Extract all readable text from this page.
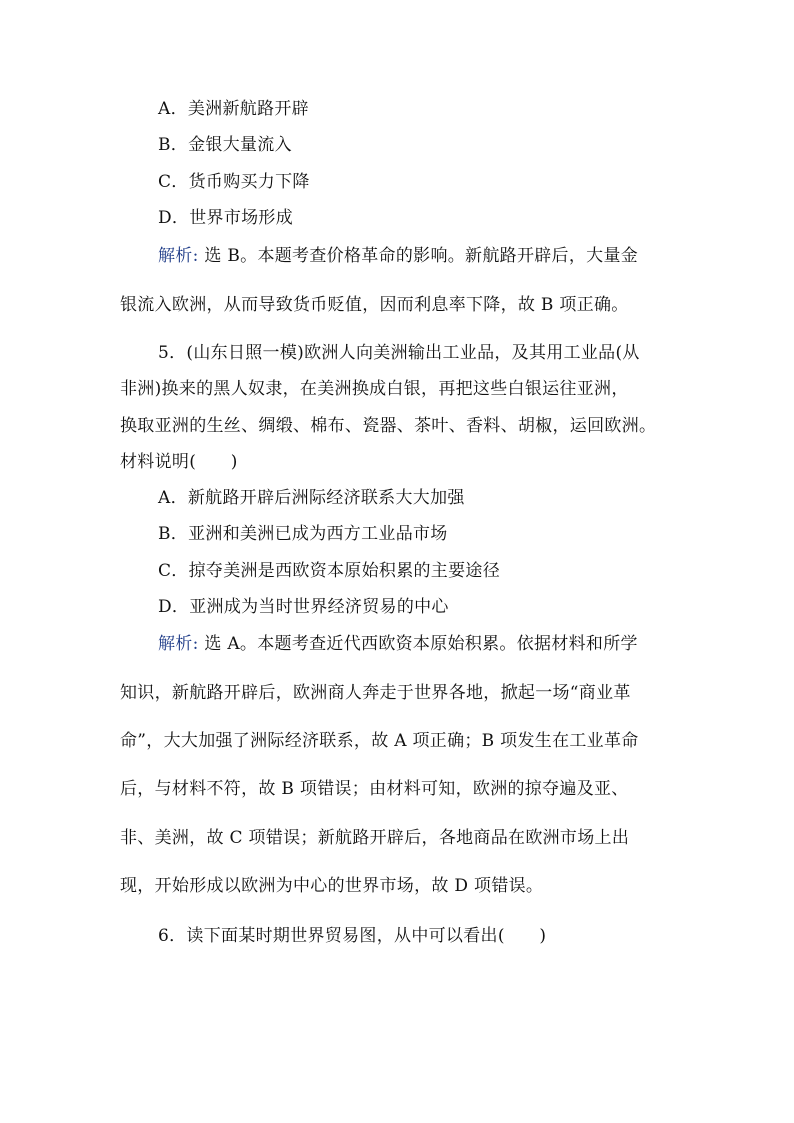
A．美洲新航路开辟
B．金银大量流入
C．货币购买力下降
D．世界市场形成
解析: 选 B。本题考查价格革命的影响。新航路开辟后，大量金
银流入欧洲，从而导致货币贬值，因而利息率下降，故 B 项正确。
5．(山东日照一模)欧洲人向美洲输出工业品，及其用工业品(从
非洲)换来的黑人奴隶，在美洲换成白银，再把这些白银运往亚洲，
换取亚洲的生丝、绸缎、棉布、瓷器、茶叶、香料、胡椒，运回欧洲。
材料说明(　　)
A．新航路开辟后洲际经济联系大大加强
B．亚洲和美洲已成为西方工业品市场
C．掠夺美洲是西欧资本原始积累的主要途径
D．亚洲成为当时世界经济贸易的中心
解析: 选 A。本题考查近代西欧资本原始积累。依据材料和所学
知识，新航路开辟后，欧洲商人奔走于世界各地，掀起一场“商业革
命”，大大加强了洲际经济联系，故 A 项正确；B 项发生在工业革命
后，与材料不符，故 B 项错误；由材料可知，欧洲的掠夺遍及亚、
非、美洲，故 C 项错误；新航路开辟后，各地商品在欧洲市场上出
现，开始形成以欧洲为中心的世界市场，故 D 项错误。
6．读下面某时期世界贸易图，从中可以看出(　　)
